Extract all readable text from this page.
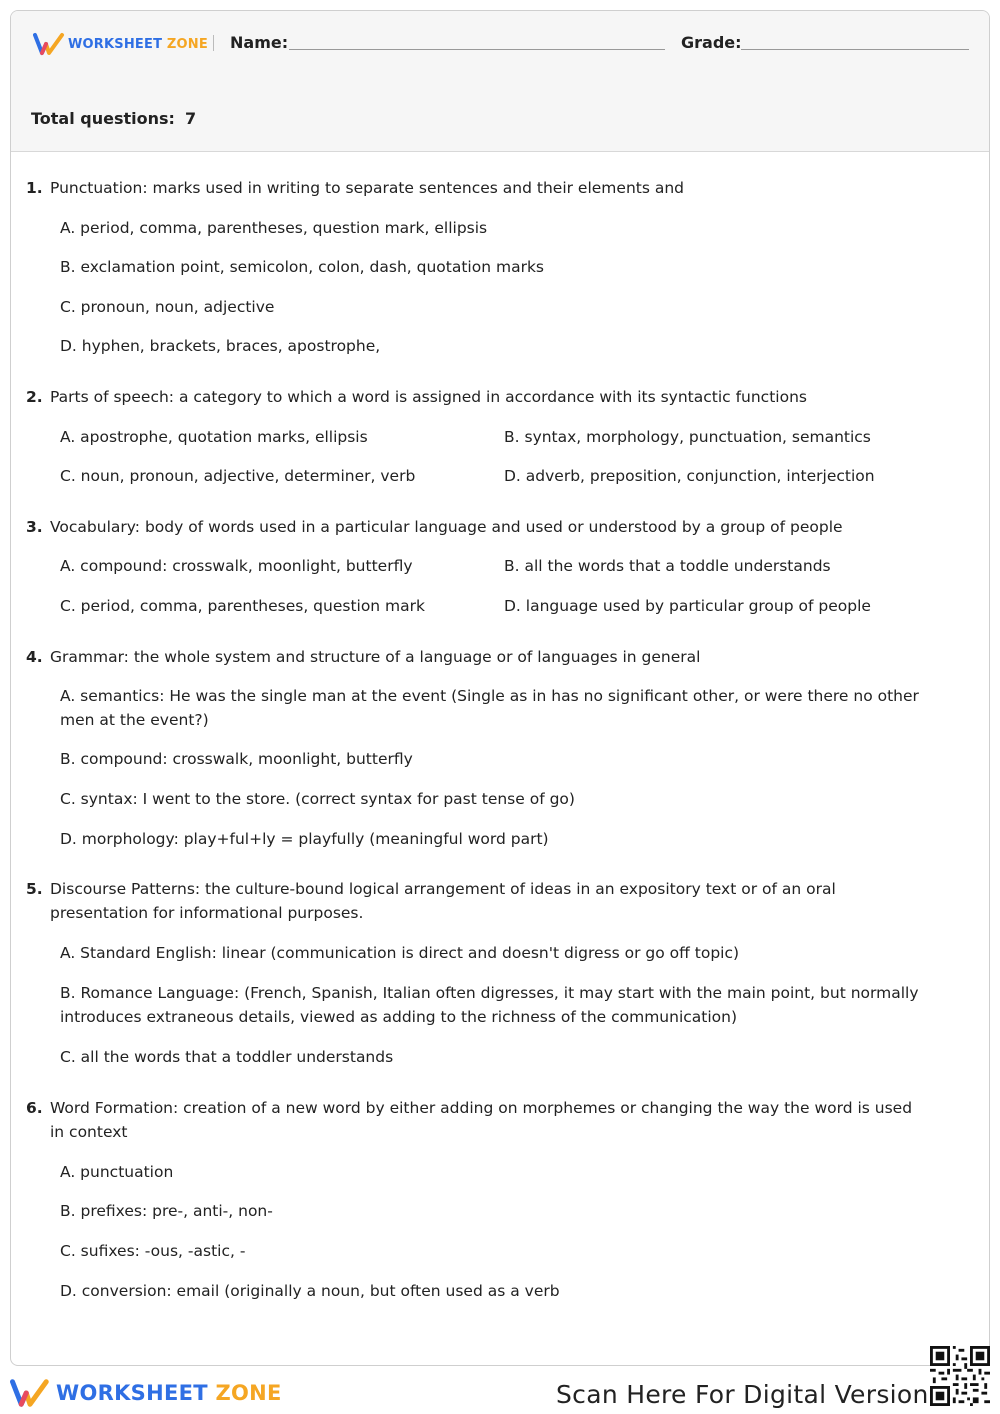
WORKSHEET ZONE Name:	Grade:
Total questions: 7
1. Punctuation: marks used in writing to separate sentences and their elements and
A. period, comma, parentheses, question mark, ellipsis
B. exclamation point, semicolon, colon, dash, quotation marks
C. pronoun, noun, adjective
D. hyphen, brackets, braces, apostrophe,
2. Parts of speech: a category to which a word is assigned in accordance with its syntactic functions
A. apostrophe, quotation marks, ellipsis	B. syntax, morphology, punctuation, semantics
C. noun, pronoun, adjective, determiner, verb	D. adverb, preposition, conjunction, interjection
3. Vocabulary: body of words used in a particular language and used or understood by a group of people
A. compound: crosswalk, moonlight, butterfly	B. all the words that a toddle understands
C. period, comma, parentheses, question mark	D. language used by particular group of people
4. Grammar: the whole system and structure of a language or of languages in general
A. semantics: He was the single man at the event (Single as in has no significant other, or were there no other men at the event?)
B. compound: crosswalk, moonlight, butterfly
C. syntax: I went to the store. (correct syntax for past tense of go)
D. morphology: play+ful+ly = playfully (meaningful word part)
5. Discourse Patterns: the culture-bound logical arrangement of ideas in an expository text or of an oral presentation for informational purposes.
A. Standard English: linear (communication is direct and doesn't digress or go off topic)
B. Romance Language: (French, Spanish, Italian often digresses, it may start with the main point, but normally introduces extraneous details, viewed as adding to the richness of the communication)
C. all the words that a toddler understands
6. Word Formation: creation of a new word by either adding on morphemes or changing the way the word is used in context
A. punctuation
B. prefixes: pre-, anti-, non-
C. sufixes: -ous, -astic, -
D. conversion: email (originally a noun, but often used as a verb
WORKSHEET ZONE	Scan Here For Digital Version
